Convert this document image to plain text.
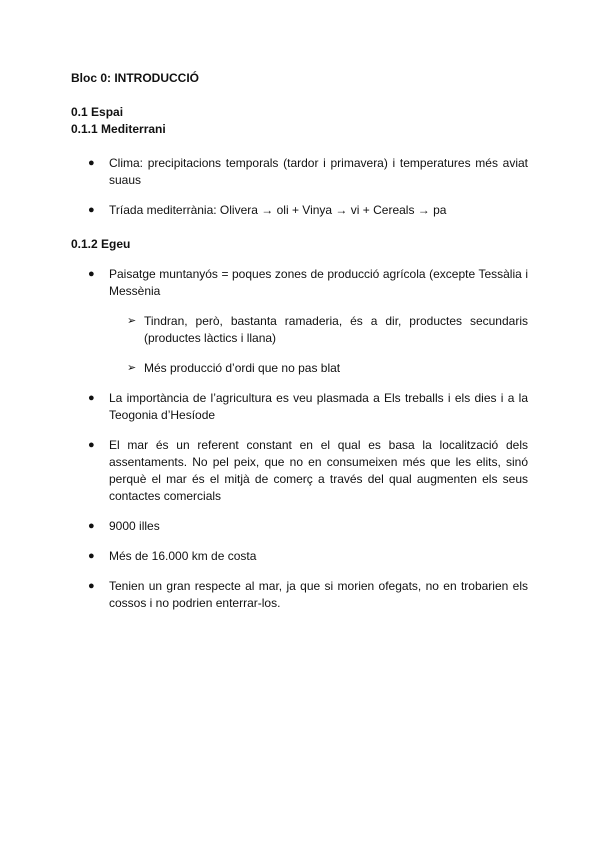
Bloc 0: INTRODUCCIÓ

0.1 Espai

0.1.1 Mediterrani

● Clima: precipitacions temporals (tardor i primavera) i temperatures més aviat suaus
● Tríada mediterrània: Olivera → oli + Vinya → vi + Cereals → pa

0.1.2 Egeu

● Paisatge muntanyós = poques zones de producció agrícola (excepte Tessàlia i Messènia
➢ Tindran, però, bastanta ramaderia, és a dir, productes secundaris (productes làctics i llana)
➢ Més producció d’ordi que no pas blat
● La importància de l’agricultura es veu plasmada a Els treballs i els dies i a la Teogonia d’Hesíode
● El mar és un referent constant en el qual es basa la localització dels assentaments. No pel peix, que no en consumeixen més que les elits, sinó perquè el mar és el mitjà de comerç a través del qual augmenten els seus contactes comercials
● 9000 illes
● Més de 16.000 km de costa
● Tenien un gran respecte al mar, ja que si morien ofegats, no en trobarien els cossos i no podrien enterrar-los.
